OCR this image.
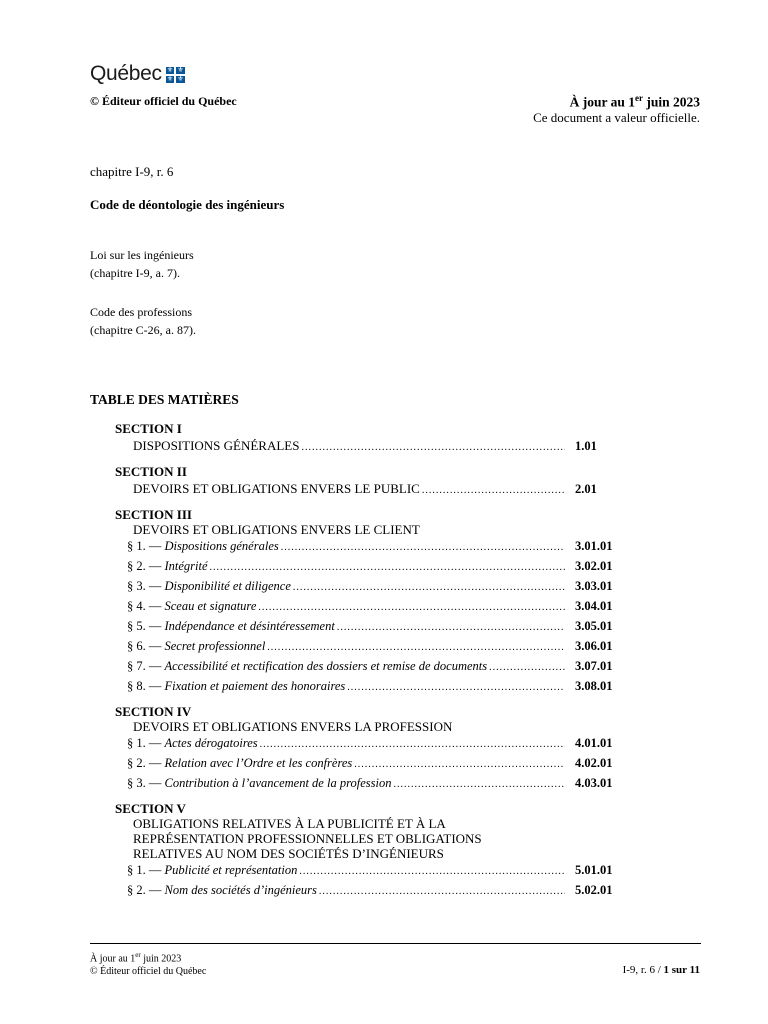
Québec ⚜ ⚜
⚜ ⚜
© Éditeur officiel du Québec	À jour au 1er juin 2023
Ce document a valeur officielle.
chapitre I-9, r. 6
Code de déontologie des ingénieurs
Loi sur les ingénieurs
(chapitre I-9, a. 7).
Code des professions
(chapitre C-26, a. 87).
TABLE DES MATIÈRES
SECTION I
DISPOSITIONS GÉNÉRALES .....	1.01
SECTION II
DEVOIRS ET OBLIGATIONS ENVERS LE PUBLIC .....	2.01
SECTION III
DEVOIRS ET OBLIGATIONS ENVERS LE CLIENT
§ 1. — Dispositions générales .....	3.01.01
§ 2. — Intégrité .....	3.02.01
§ 3. — Disponibilité et diligence .....	3.03.01
§ 4. — Sceau et signature .....	3.04.01
§ 5. — Indépendance et désintéressement .....	3.05.01
§ 6. — Secret professionnel .....	3.06.01
§ 7. — Accessibilité et rectification des dossiers et remise de documents .....	3.07.01
§ 8. — Fixation et paiement des honoraires .....	3.08.01
SECTION IV
DEVOIRS ET OBLIGATIONS ENVERS LA PROFESSION
§ 1. — Actes dérogatoires .....	4.01.01
§ 2. — Relation avec l’Ordre et les confrères .....	4.02.01
§ 3. — Contribution à l’avancement de la profession .....	4.03.01
SECTION V
OBLIGATIONS RELATIVES À LA PUBLICITÉ ET À LA
REPRÉSENTATION PROFESSIONNELLES ET OBLIGATIONS
RELATIVES AU NOM DES SOCIÉTÉS D’INGÉNIEURS
§ 1. — Publicité et représentation .....	5.01.01
§ 2. — Nom des sociétés d’ingénieurs .....	5.02.01
À jour au 1er juin 2023
© Éditeur officiel du Québec	I-9, r. 6 / 1 sur 11
